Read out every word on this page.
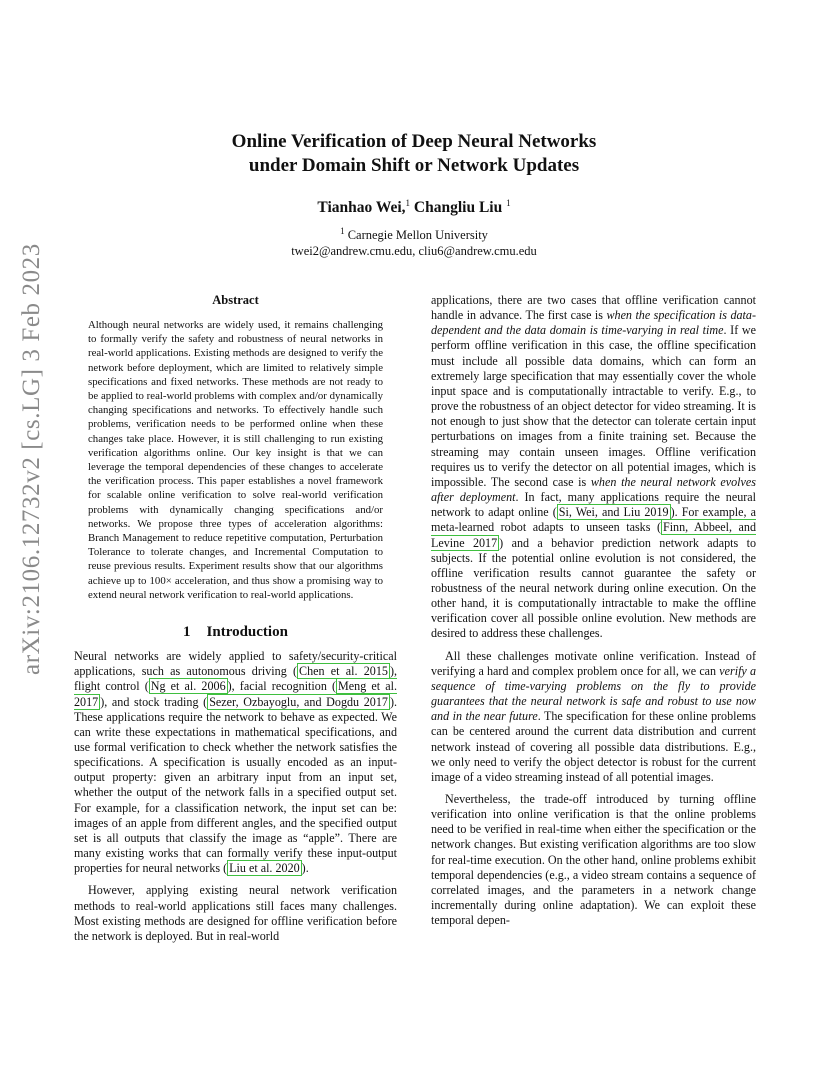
arXiv:2106.12732v2 [cs.LG] 3 Feb 2023
Online Verification of Deep Neural Networks
under Domain Shift or Network Updates
Tianhao Wei,$^1$ Changliu Liu $^1$
$^1$ Carnegie Mellon University
twei2@andrew.cmu.edu, cliu6@andrew.cmu.edu
Abstract

Although neural networks are widely used, it remains challenging to formally verify the safety and robustness of neural networks in real-world applications. Existing methods are designed to verify the network before deployment, which are limited to relatively simple specifications and fixed networks. These methods are not ready to be applied to real-world problems with complex and/or dynamically changing specifications and networks. To effectively handle such problems, verification needs to be performed online when these changes take place. However, it is still challenging to run existing verification algorithms online. Our key insight is that we can leverage the temporal dependencies of these changes to accelerate the verification process. This paper establishes a novel framework for scalable online verification to solve real-world verification problems with dynamically changing specifications and/or networks. We propose three types of acceleration algorithms: Branch Management to reduce repetitive computation, Perturbation Tolerance to tolerate changes, and Incremental Computation to reuse previous results. Experiment results show that our algorithms achieve up to 100× acceleration, and thus show a promising way to extend neural network verification to real-world applications.

1 Introduction

Neural networks are widely applied to safety/security-critical applications, such as autonomous driving ( Chen et al. 2015 ), flight control ( Ng et al. 2006 ), facial recognition ( Meng et al. 2017 ), and stock trading ( Sezer, Ozbayoglu, and Dogdu 2017 ). These applications require the network to behave as expected. We can write these expectations in mathematical specifications, and use formal verification to check whether the network satisfies the specifications. A specification is usually encoded as an input-output property: given an arbitrary input from an input set, whether the output of the network falls in a specified output set. For example, for a classification network, the input set can be: images of an apple from different angles, and the specified output set is all outputs that classify the image as “apple”. There are many existing works that can formally verify these input-output properties for neural networks ( Liu et al. 2020 ).

However, applying existing neural network verification methods to real-world applications still faces many challenges. Most existing methods are designed for offline verification before the network is deployed. But in real-world

applications, there are two cases that offline verification cannot handle in advance. The first case is when the specification is data-dependent and the data domain is time-varying in real time. If we perform offline verification in this case, the offline specification must include all possible data domains, which can form an extremely large specification that may essentially cover the whole input space and is computationally intractable to verify. E.g., to prove the robustness of an object detector for video streaming. It is not enough to just show that the detector can tolerate certain input perturbations on images from a finite training set. Because the streaming may contain unseen images. Offline verification requires us to verify the detector on all potential images, which is impossible. The second case is when the neural network evolves after deployment. In fact, many applications require the neural network to adapt online ( Si, Wei, and Liu 2019 ). For example, a meta-learned robot adapts to unseen tasks ( Finn, Abbeel, and Levine 2017 ) and a behavior prediction network adapts to subjects. If the potential online evolution is not considered, the offline verification results cannot guarantee the safety or robustness of the neural network during online execution. On the other hand, it is computationally intractable to make the offline verification cover all possible online evolution. New methods are desired to address these challenges.

All these challenges motivate online verification. Instead of verifying a hard and complex problem once for all, we can verify a sequence of time-varying problems on the fly to provide guarantees that the neural network is safe and robust to use now and in the near future. The specification for these online problems can be centered around the current data distribution and current network instead of covering all possible data distributions. E.g., we only need to verify the object detector is robust for the current image of a video streaming instead of all potential images.

Nevertheless, the trade-off introduced by turning offline verification into online verification is that the online problems need to be verified in real-time when either the specification or the network changes. But existing verification algorithms are too slow for real-time execution. On the other hand, online problems exhibit temporal dependencies (e.g., a video stream contains a sequence of correlated images, and the parameters in a network change incrementally during online adaptation). We can exploit these temporal depen-
